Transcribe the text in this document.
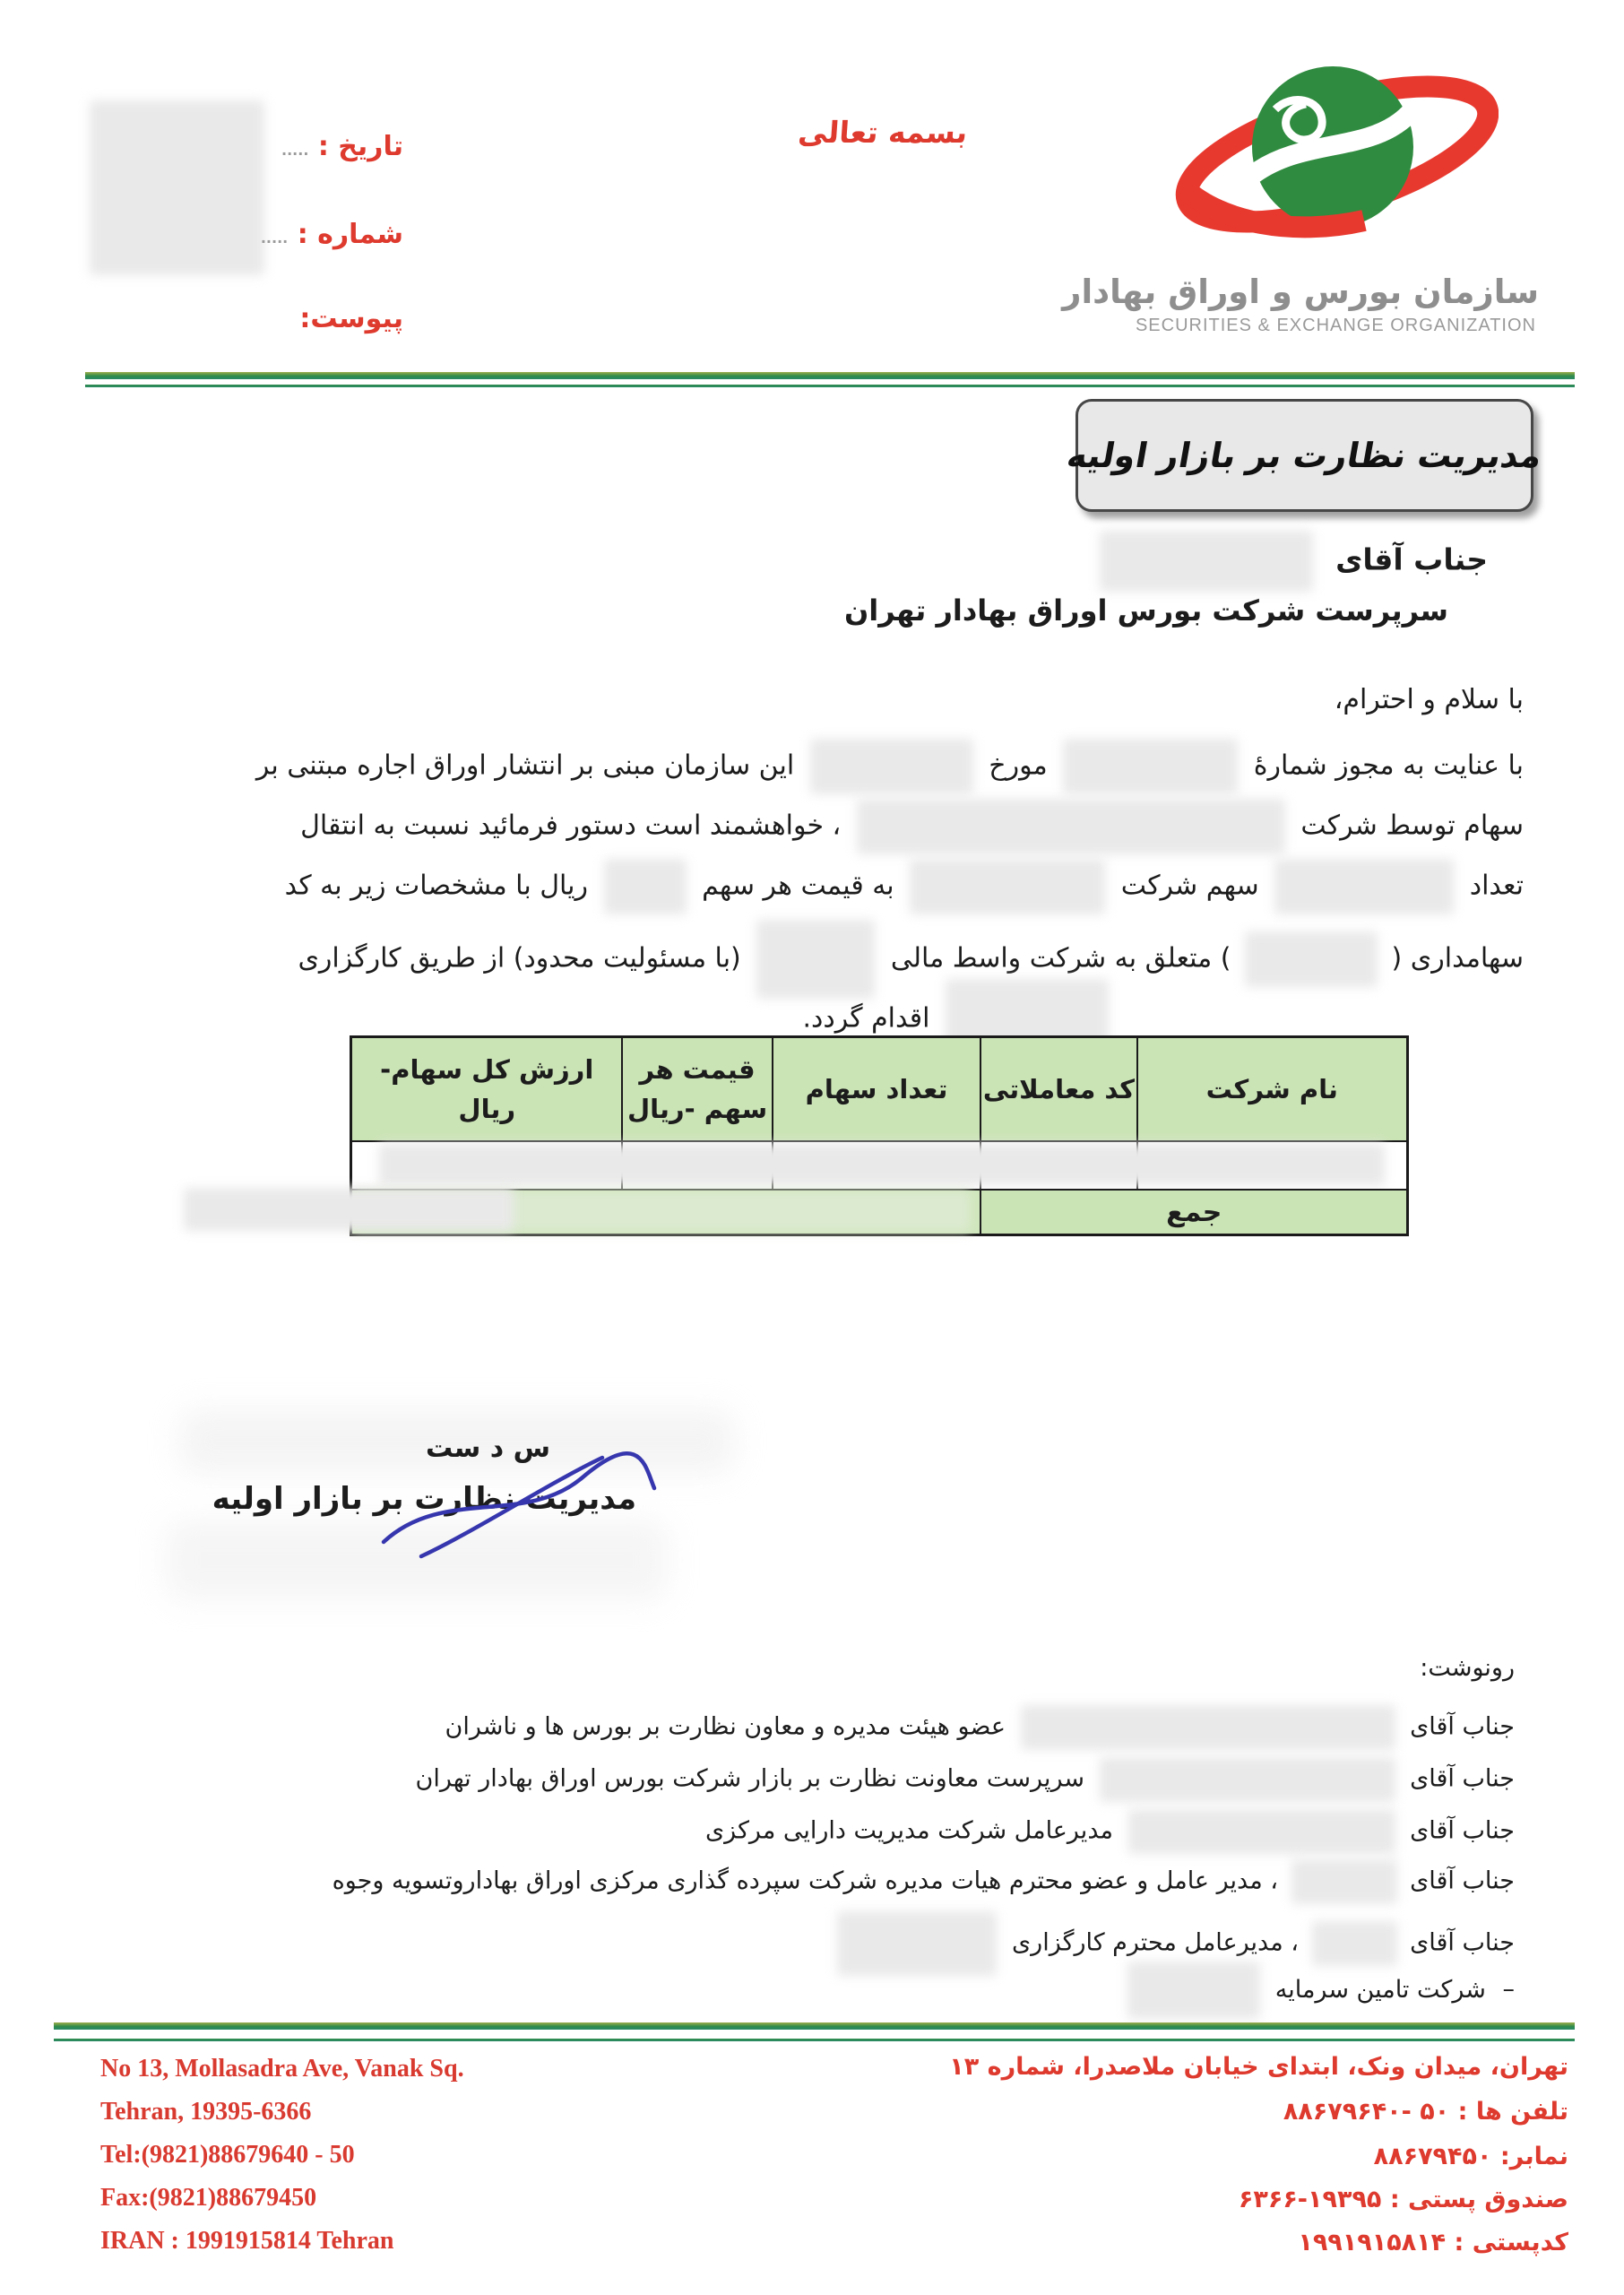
تاریخ : .....
شماره : .....
پیوست:
بسمه تعالی
سازمان بورس و اوراق بهادار
SECURITIES & EXCHANGE ORGANIZATION
مدیریت نظارت بر بازار اولیه
جناب آقای
سرپرست شرکت بورس اوراق بهادار تهران
با سلام و احترام،
با عنایت به مجوز شمارهٔ  مورخ  این سازمان مبنی بر انتشار اوراق اجاره مبتنی بر
سهام توسط شرکت  ، خواهشمند است دستور فرمائید نسبت به انتقال
تعداد  سهم شرکت  به قیمت هر سهم  ریال با مشخصات زیر به کد
سهامداری (  ) متعلق به شرکت واسط مالی  (با مسئولیت محدود) از طریق کارگزاری
اقدام گردد.
ارزش کل سهام-ریال
قیمت هر سهم -ریال
تعداد سهام	کد معاملاتی	نام شرکت
جمع
س د ست
مدیریت نظارت بر بازار اولیه
رونوشت:
جناب آقای  عضو هیئت مدیره و معاون نظارت بر بورس ها و ناشران
جناب آقای  سرپرست معاونت نظارت بر بازار شرکت بورس اوراق بهادار تهران
جناب آقای  مدیرعامل شرکت مدیریت دارایی مرکزی
جناب آقای  ، مدیر عامل و عضو محترم هیات مدیره شرکت سپرده گذاری مرکزی اوراق بهاداروتسویه وجوه
جناب آقای  ، مدیرعامل محترم کارگزاری
– شرکت تامین سرمایه
No 13, Mollasadra Ave, Vanak Sq.
Tehran, 19395-6366
Tel:(9821)88679640 - 50
Fax:(9821)88679450
IRAN : 1991915814 Tehran
تهران، میدان ونک، ابتدای خیابان ملاصدرا، شماره ۱۳
تلفن ها : ۵۰ -۸۸۶۷۹۶۴۰
نمابر: ۸۸۶۷۹۴۵۰
صندوق پستی : ۱۹۳۹۵-۶۳۶۶
کدپستی : ۱۹۹۱۹۱۵۸۱۴
